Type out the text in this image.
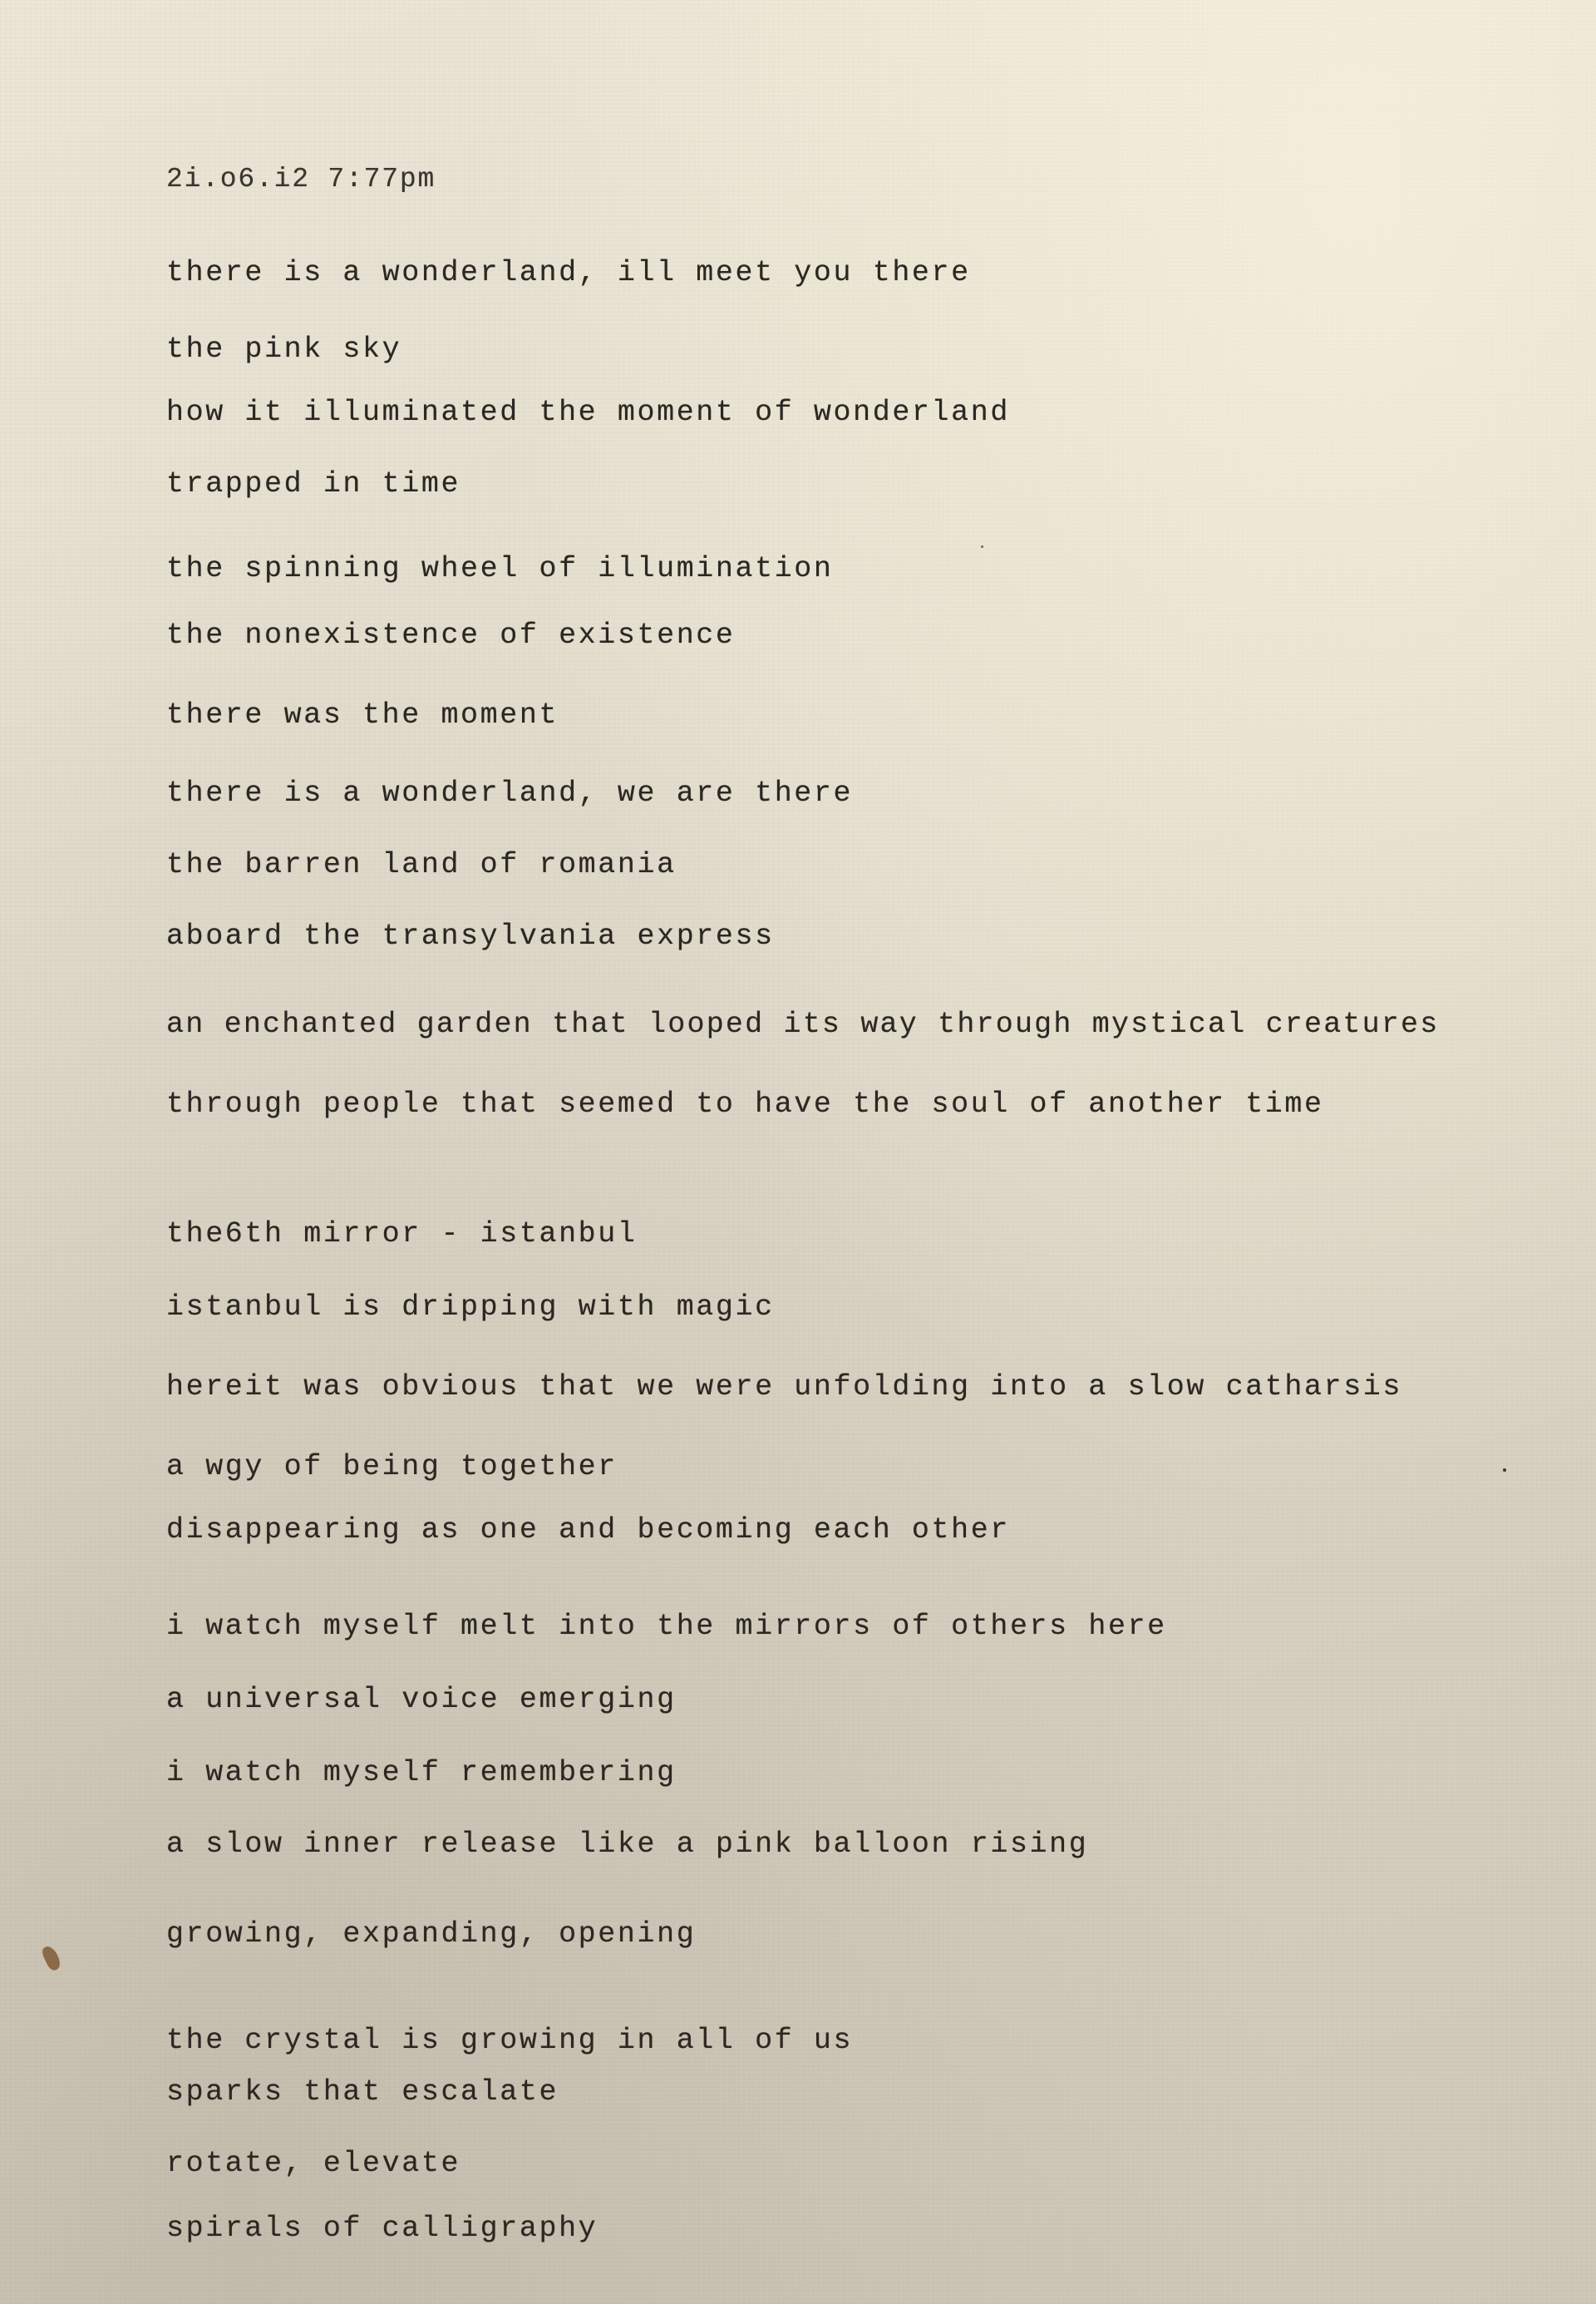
2i.o6.i2 7:77pm

there is a wonderland, ill meet you there

the pink sky

how it illuminated the moment of wonderland

trapped in time

the spinning wheel of illumination

the nonexistence of existence

there was the moment

there is a wonderland, we are there

the barren land of romania

aboard the transylvania express

an enchanted garden that looped its way through mystical creatures

through people that seemed to have the soul of another time

the6th mirror - istanbul

istanbul is dripping with magic

hereit was obvious that we were unfolding into a slow catharsis

a wgy of being together

disappearing as one and becoming each other

i watch myself melt into the mirrors of others here

a universal voice emerging

i watch myself remembering

a slow inner release like a pink balloon rising

growing, expanding, opening

the crystal is growing in all of us

sparks that escalate

rotate, elevate

spirals of calligraphy
